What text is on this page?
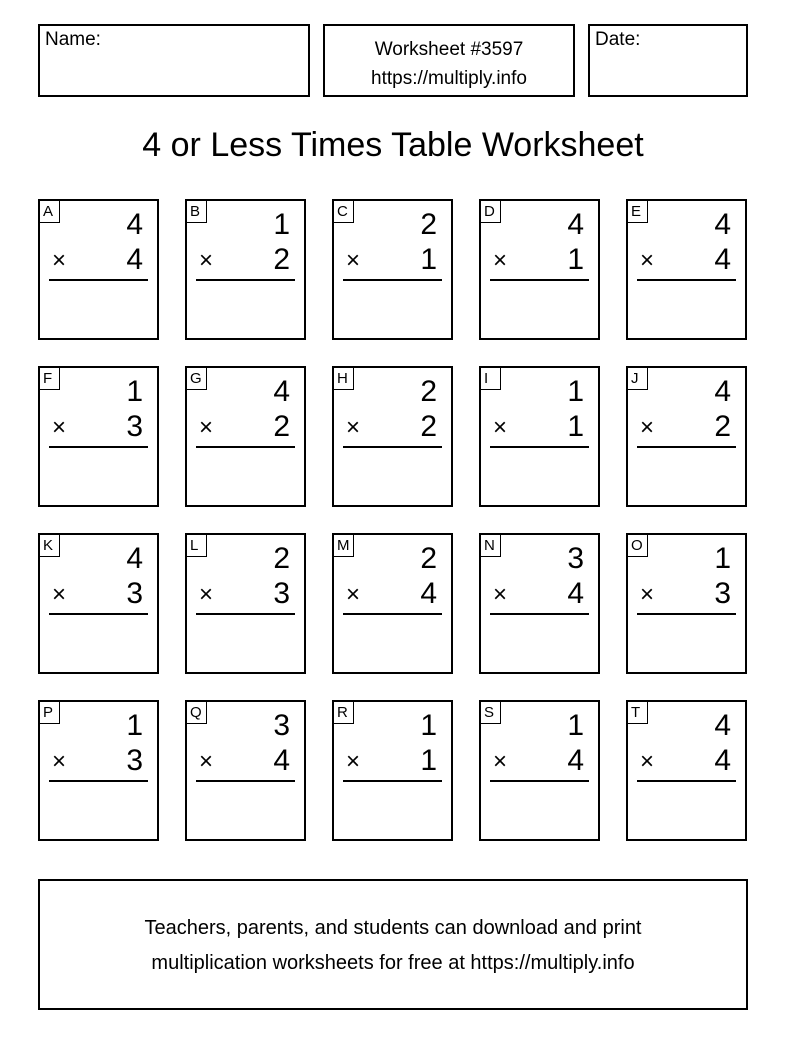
Name:	Worksheet #3597
https://multiply.info
Date:
4 or Less Times Table Worksheet
A 4
× 4
B 1
× 2
C 2
× 1
D 4
× 1
E 4
× 4
F 1
× 3
G 4
× 2
H 2
× 2
I	1
× 1
J	4
× 2
K 4
× 3
L 2
× 3
M 2
× 4
N 3
× 4
O 1
× 3
P 1
× 3
Q 3
× 4
R 1
× 1
S 1
× 4
T 4
× 4
Teachers, parents, and students can download and print
multiplication worksheets for free at https://multiply.info
